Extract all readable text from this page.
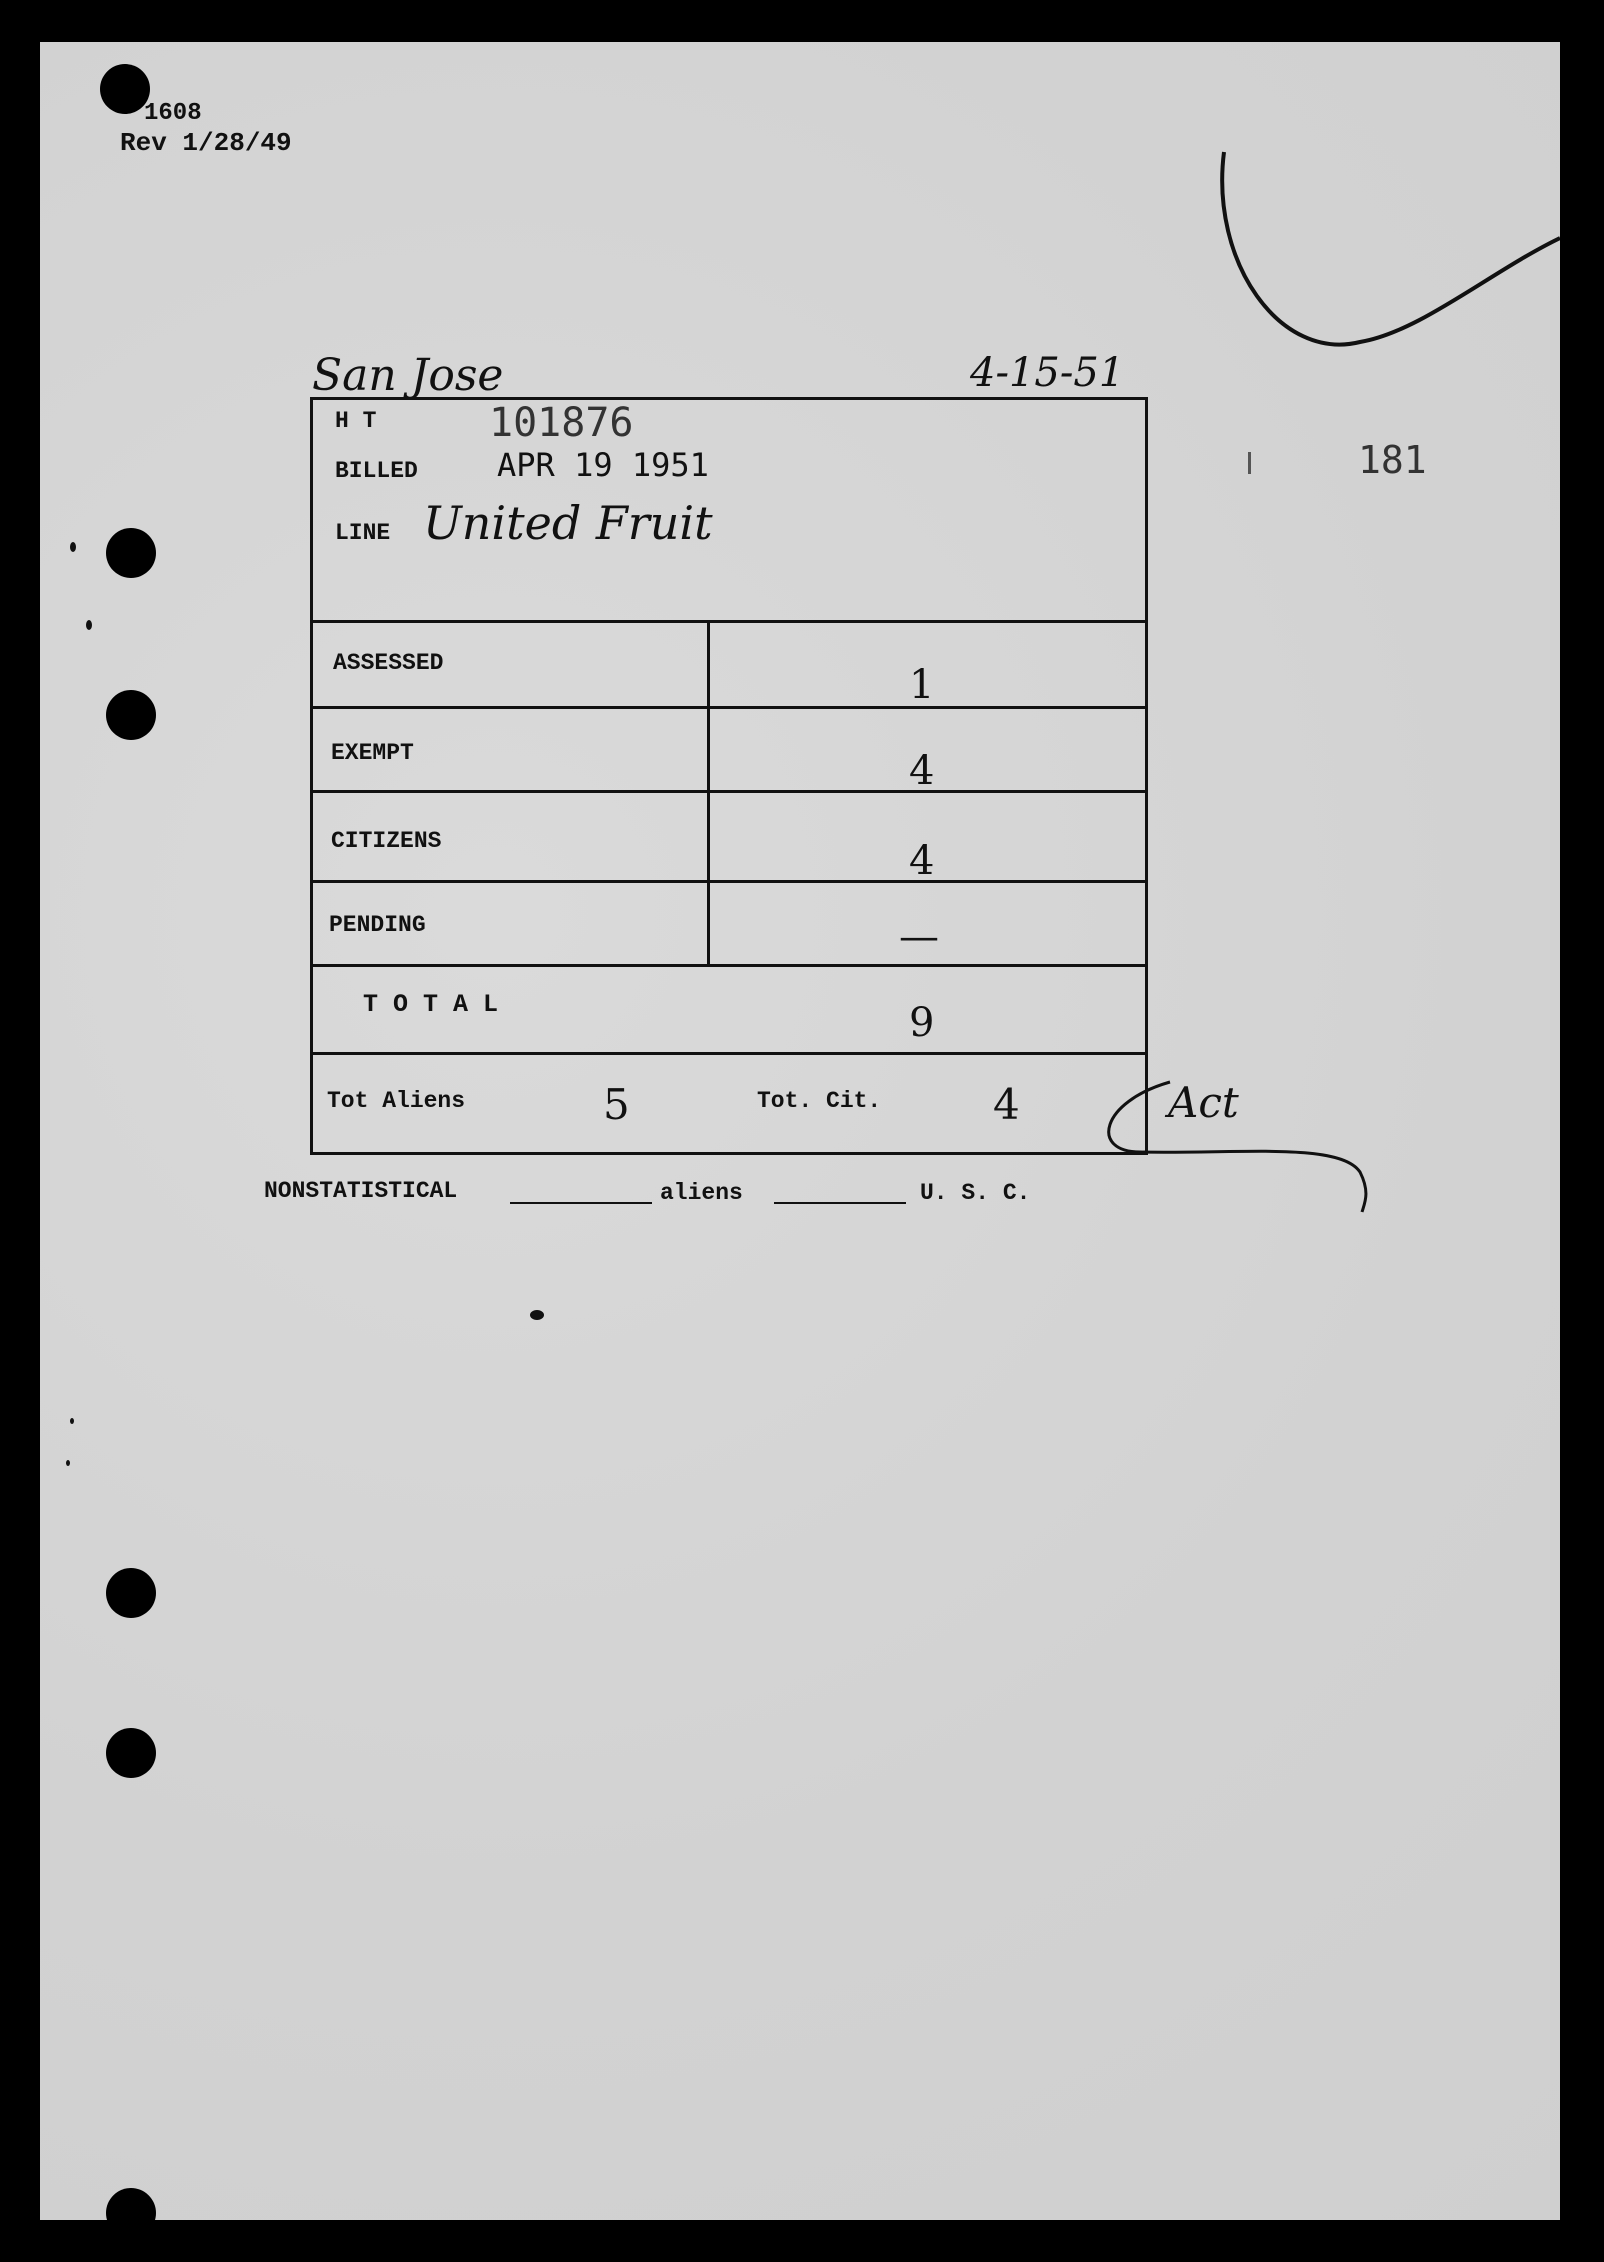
1608
Rev 1/28/49
San Jose	4-15-51
181
Act
H T	101876
BILLED APR 19 1951
LINE United Fruit
ASSESSED	1
EXEMPT	4
CITIZENS	4
PENDING	—
T O T A L	9
Tot Aliens	5	Tot. Cit.	4
NONSTATISTICAL	aliens	U. S. C.
